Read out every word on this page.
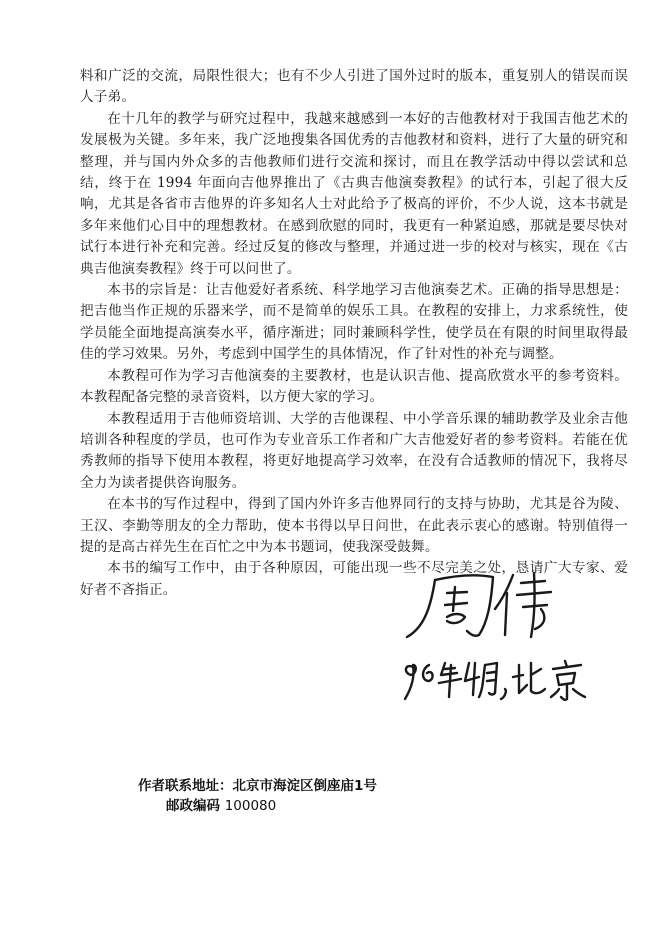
料和广泛的交流，局限性很大；也有不少人引进了国外过时的版本，重复别人的错误而误人子弟。

在十几年的教学与研究过程中，我越来越感到一本好的吉他教材对于我国吉他艺术的发展极为关键。多年来，我广泛地搜集各国优秀的吉他教材和资料，进行了大量的研究和整理，并与国内外众多的吉他教师们进行交流和探讨，而且在教学活动中得以尝试和总结，终于在 1994 年面向吉他界推出了《古典吉他演奏教程》的试行本，引起了很大反响，尤其是各省市吉他界的许多知名人士对此给予了极高的评价，不少人说，这本书就是多年来他们心目中的理想教材。在感到欣慰的同时，我更有一种紧迫感，那就是要尽快对试行本进行补充和完善。经过反复的修改与整理，并通过进一步的校对与核实，现在《古典吉他演奏教程》终于可以问世了。

本书的宗旨是：让吉他爱好者系统、科学地学习吉他演奏艺术。正确的指导思想是：把吉他当作正规的乐器来学，而不是简单的娱乐工具。在教程的安排上，力求系统性，使学员能全面地提高演奏水平，循序渐进；同时兼顾科学性，使学员在有限的时间里取得最佳的学习效果。另外，考虑到中国学生的具体情况，作了针对性的补充与调整。

本教程可作为学习吉他演奏的主要教材，也是认识吉他、提高欣赏水平的参考资料。本教程配备完整的录音资料，以方便大家的学习。

本教程适用于吉他师资培训、大学的吉他课程、中小学音乐课的辅助教学及业余吉他培训各种程度的学员，也可作为专业音乐工作者和广大吉他爱好者的参考资料。若能在优秀教师的指导下使用本教程，将更好地提高学习效率，在没有合适教师的情况下，我将尽全力为读者提供咨询服务。

在本书的写作过程中，得到了国内外许多吉他界同行的支持与协助，尤其是谷为陵、王汉、李勤等朋友的全力帮助，使本书得以早日问世，在此表示衷心的感谢。特别值得一提的是高古祥先生在百忙之中为本书题词，使我深受鼓舞。

本书的编写工作中，由于各种原因，可能出现一些不尽完美之处，恳请广大专家、爱好者不吝指正。

作者联系地址：北京市海淀区倒座庙1号
邮政编码 100080
